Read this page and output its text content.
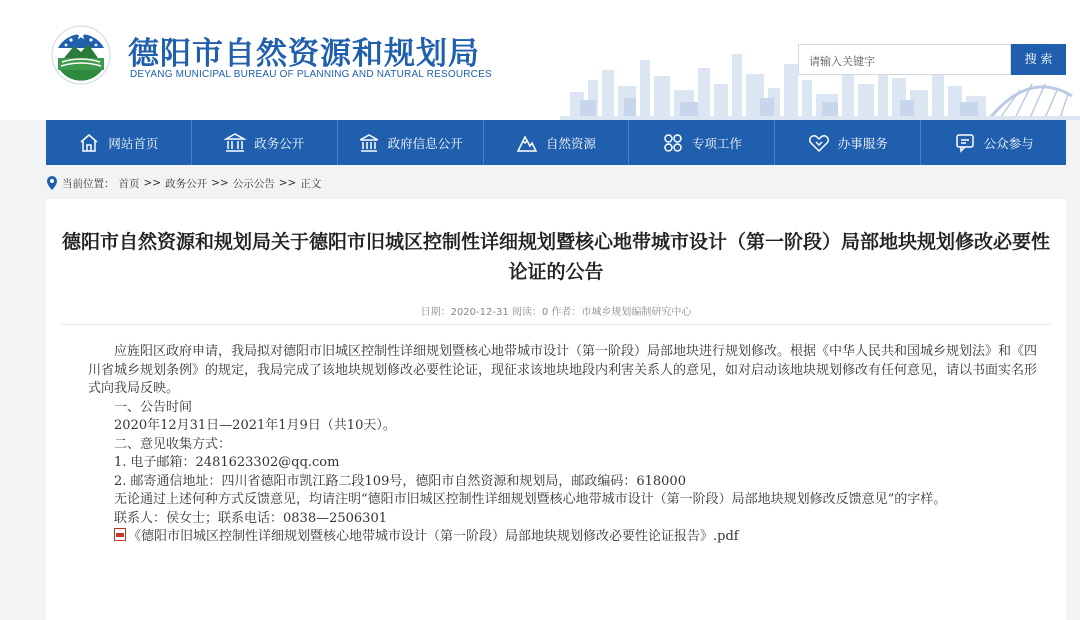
德阳市自然资源和规划局
DEYANG MUNICIPAL BUREAU OF PLANNING AND NATURAL RESOURCES
请输入关键字	搜 索
网站首页	政务公开	政府信息公开	自然资源	专项工作	办事服务	公众参与
当前位置： 首页 >> 政务公开 >> 公示公告 >> 正文
德阳市自然资源和规划局关于德阳市旧城区控制性详细规划暨核心地带城市设计（第一阶段）局部地块规划修改必要性论证的公告
日期：2020-12-31 阅读：0 作者：市城乡规划编制研究中心

应旌阳区政府申请，我局拟对德阳市旧城区控制性详细规划暨核心地带城市设计（第一阶段）局部地块进行规划修改。根据《中华人民共和国城乡规划法》和《四川省城乡规划条例》的规定，我局完成了该地块规划修改必要性论证，现征求该地块地段内利害关系人的意见，如对启动该地块规划修改有任何意见，请以书面实名形式向我局反映。

一、公告时间

2020年12月31日—2021年1月9日（共10天）。

二、意见收集方式：

1. 电子邮箱：2481623302@qq.com

2. 邮寄通信地址：四川省德阳市凯江路二段109号，德阳市自然资源和规划局，邮政编码：618000

无论通过上述何种方式反馈意见，均请注明“德阳市旧城区控制性详细规划暨核心地带城市设计（第一阶段）局部地块规划修改反馈意见”的字样。

联系人：侯女士；联系电话：0838—2506301

《德阳市旧城区控制性详细规划暨核心地带城市设计（第一阶段）局部地块规划修改必要性论证报告》.pdf
